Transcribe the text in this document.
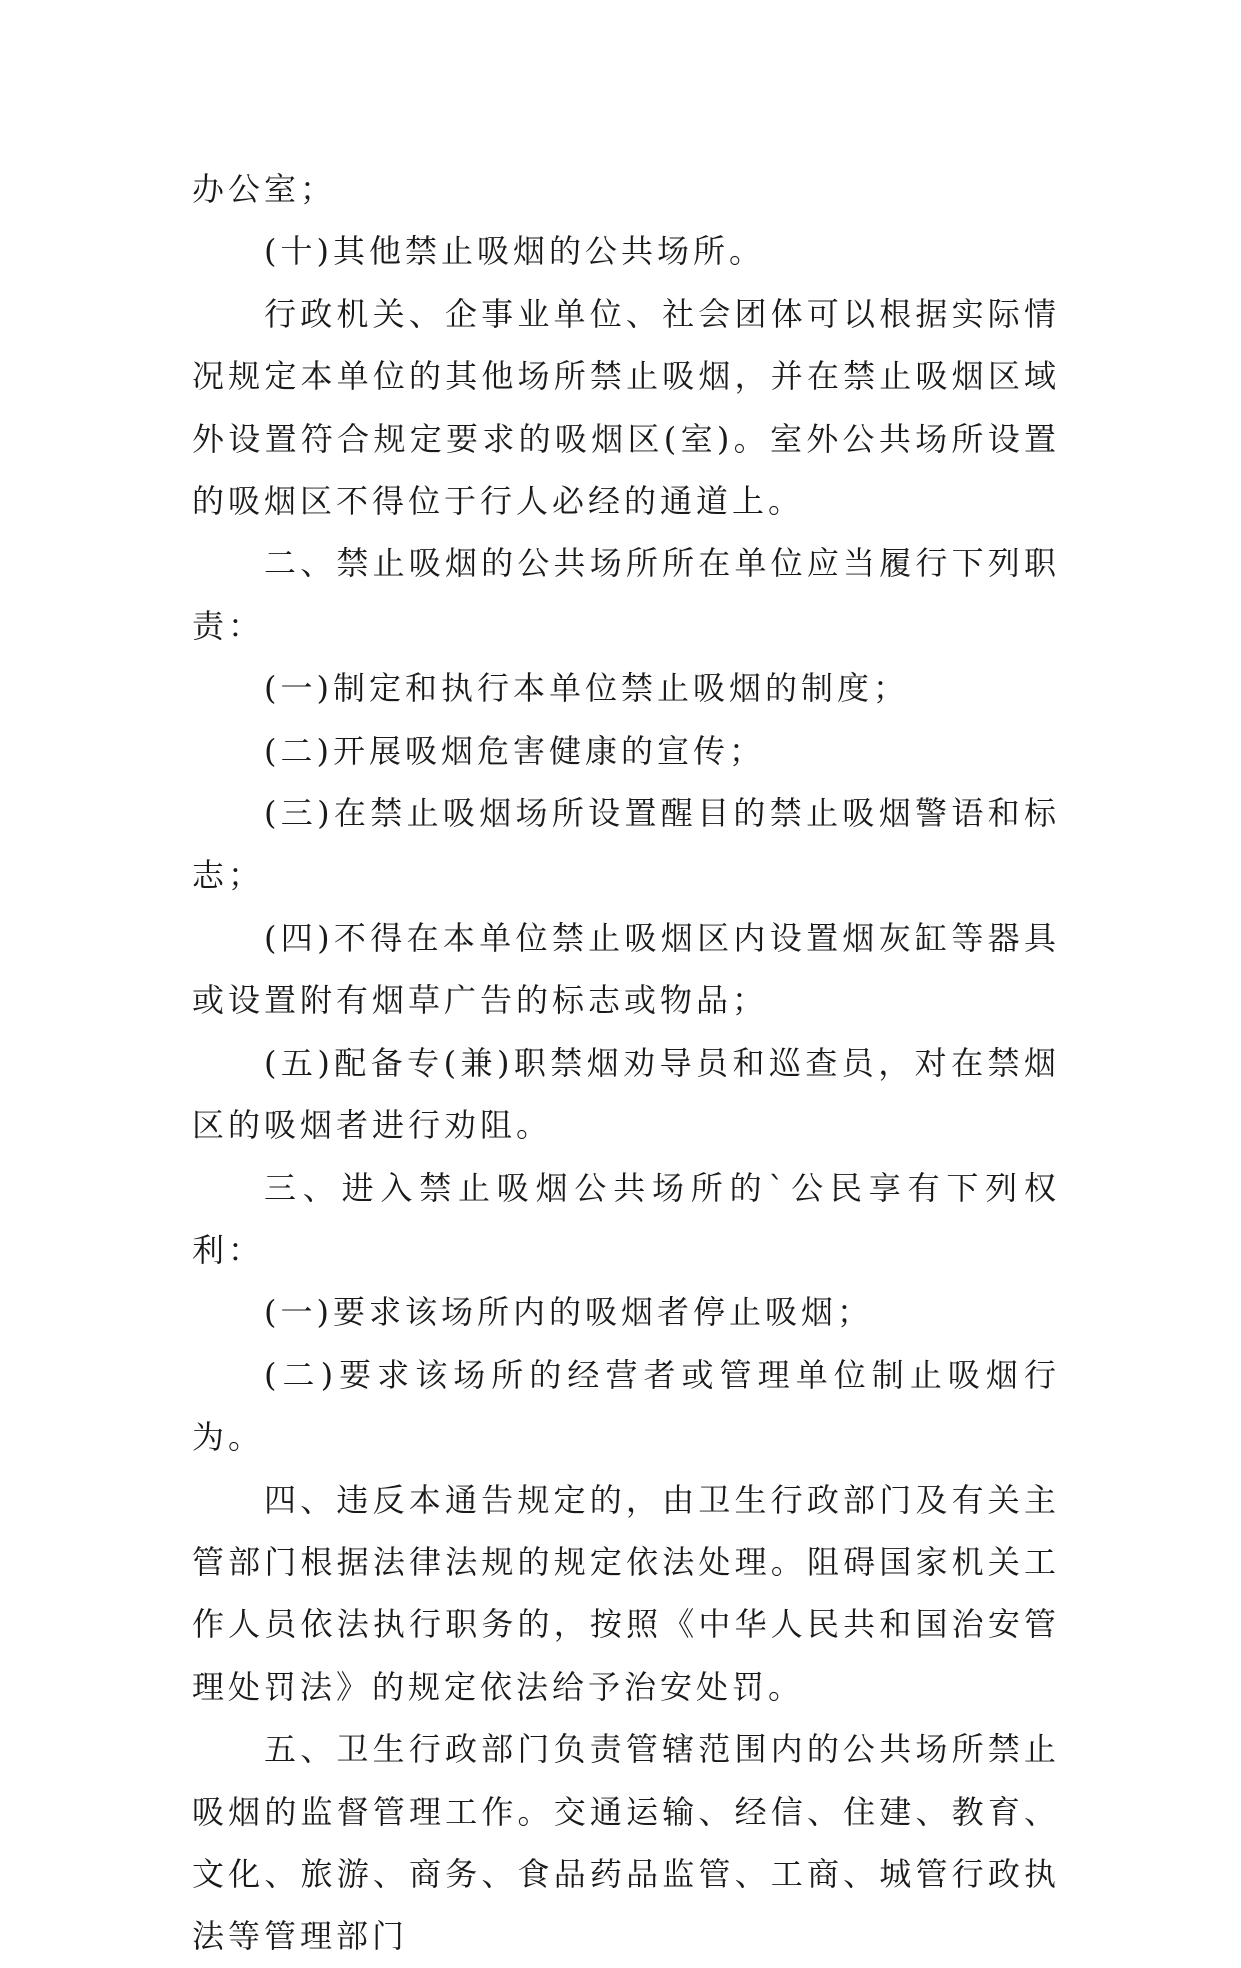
办公室；

(十)其他禁止吸烟的公共场所。

行政机关、企事业单位、社会团体可以根据实际情况规定本单位的其他场所禁止吸烟，并在禁止吸烟区域外设置符合规定要求的吸烟区(室)。室外公共场所设置的吸烟区不得位于行人必经的通道上。

二、禁止吸烟的公共场所所在单位应当履行下列职责：

(一)制定和执行本单位禁止吸烟的制度；

(二)开展吸烟危害健康的宣传；

(三)在禁止吸烟场所设置醒目的禁止吸烟警语和标志；

(四)不得在本单位禁止吸烟区内设置烟灰缸等器具或设置附有烟草广告的标志或物品；

(五)配备专(兼)职禁烟劝导员和巡查员，对在禁烟区的吸烟者进行劝阻。

三、进入禁止吸烟公共场所的`公民享有下列权利：

(一)要求该场所内的吸烟者停止吸烟；

(二)要求该场所的经营者或管理单位制止吸烟行为。

四、违反本通告规定的，由卫生行政部门及有关主管部门根据法律法规的规定依法处理。阻碍国家机关工作人员依法执行职务的，按照《中华人民共和国治安管理处罚法》的规定依法给予治安处罚。

五、卫生行政部门负责管辖范围内的公共场所禁止吸烟的监督管理工作。交通运输、经信、住建、教育、文化、旅游、商务、食品药品监管、工商、城管行政执法等管理部门
